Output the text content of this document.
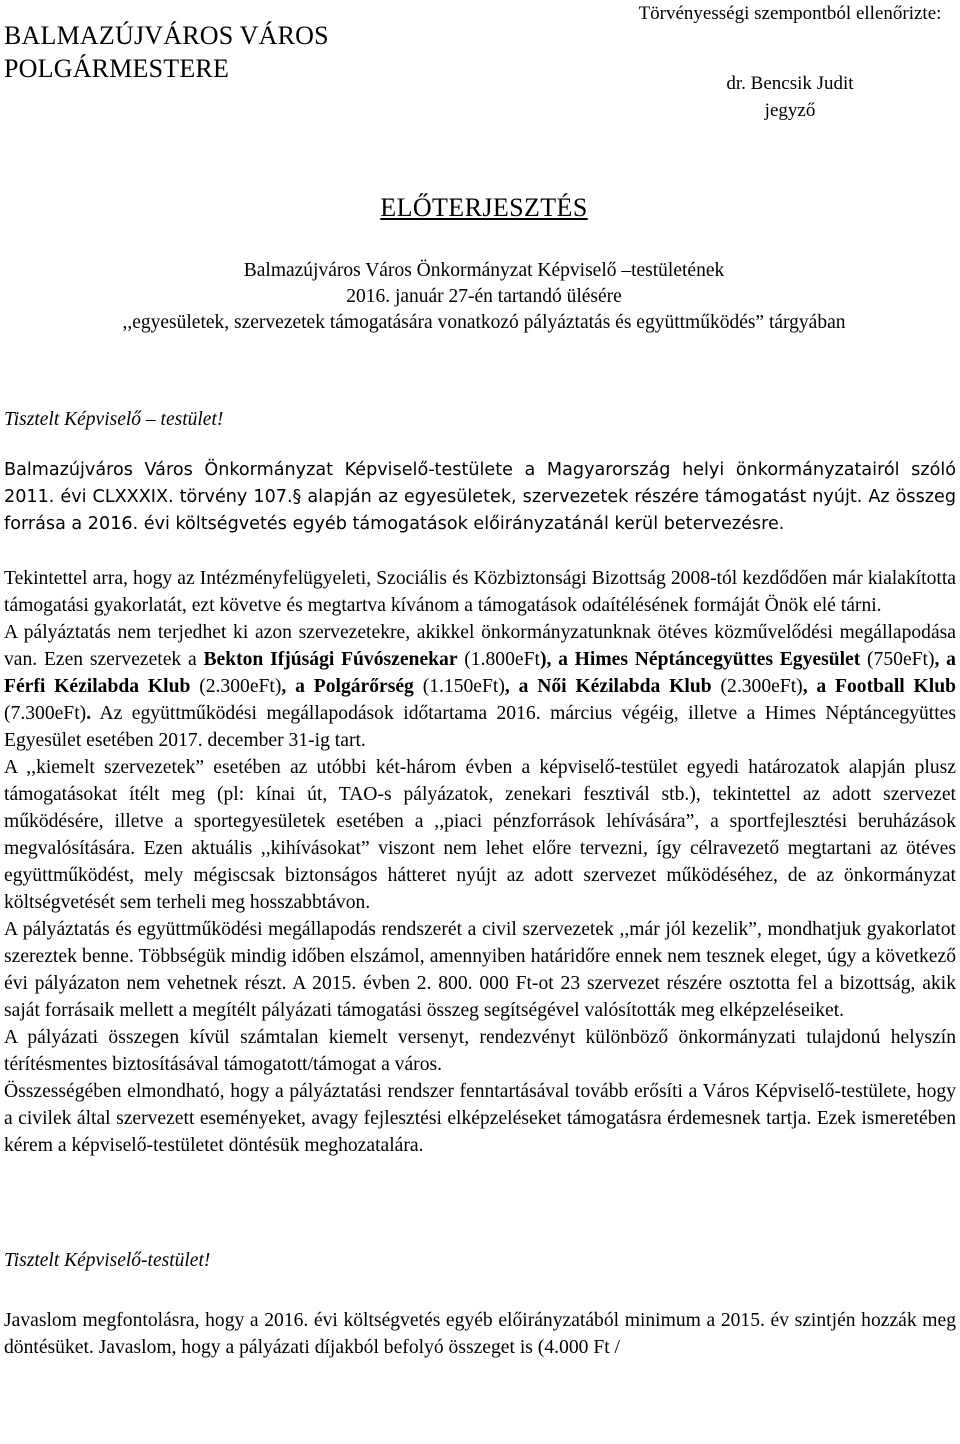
BALMAZÚJVÁROS VÁROS
POLGÁRMESTERE
Törvényességi szempontból ellenőrizte:
dr. Bencsik Judit
jegyző
ELŐTERJESZTÉS
Balmazújváros Város Önkormányzat Képviselő –testületének
2016. január 27-én tartandó ülésére
,,egyesületek, szervezetek támogatására vonatkozó pályáztatás és együttműködés” tárgyában
Tisztelt Képviselő – testület!

Balmazújváros Város Önkormányzat Képviselő-testülete a Magyarország helyi önkormányzatairól szóló 2011. évi CLXXXIX. törvény 107.§ alapján az egyesületek, szervezetek részére támogatást nyújt. Az összeg forrása a 2016. évi költségvetés egyéb támogatások előirányzatánál kerül betervezésre.

Tekintettel arra, hogy az Intézményfelügyeleti, Szociális és Közbiztonsági Bizottság 2008-tól kezdődően már kialakította támogatási gyakorlatát, ezt követve és megtartva kívánom a támogatások odaítélésének formáját Önök elé tárni.

A pályáztatás nem terjedhet ki azon szervezetekre, akikkel önkormányzatunknak ötéves közművelődési megállapodása van. Ezen szervezetek a Bekton Ifjúsági Fúvószenekar (1.800eFt), a Himes Néptáncegyüttes Egyesület (750eFt), a Férfi Kézilabda Klub (2.300eFt), a Polgárőrség (1.150eFt), a Női Kézilabda Klub (2.300eFt), a Football Klub (7.300eFt). Az együttműködési megállapodások időtartama 2016. március végéig, illetve a Himes Néptáncegyüttes Egyesület esetében 2017. december 31-ig tart.

A ,,kiemelt szervezetek” esetében az utóbbi két-három évben a képviselő-testület egyedi határozatok alapján plusz támogatásokat ítélt meg (pl: kínai út, TAO-s pályázatok, zenekari fesztivál stb.), tekintettel az adott szervezet működésére, illetve a sportegyesületek esetében a ,,piaci pénzforrások lehívására”, a sportfejlesztési beruházások megvalósítására. Ezen aktuális ,,kihívásokat” viszont nem lehet előre tervezni, így célravezető megtartani az ötéves együttműködést, mely mégiscsak biztonságos hátteret nyújt az adott szervezet működéséhez, de az önkormányzat költségvetését sem terheli meg hosszabbtávon.

A pályáztatás és együttműködési megállapodás rendszerét a civil szervezetek ,,már jól kezelik”, mondhatjuk gyakorlatot szereztek benne. Többségük mindig időben elszámol, amennyiben határidőre ennek nem tesznek eleget, úgy a következő évi pályázaton nem vehetnek részt. A 2015. évben 2. 800. 000 Ft-ot 23 szervezet részére osztotta fel a bizottság, akik saját forrásaik mellett a megítélt pályázati támogatási összeg segítségével valósították meg elképzeléseiket.

A pályázati összegen kívül számtalan kiemelt versenyt, rendezvényt különböző önkormányzati tulajdonú helyszín térítésmentes biztosításával támogatott/támogat a város.

Összességében elmondható, hogy a pályáztatási rendszer fenntartásával tovább erősíti a Város Képviselő-testülete, hogy a civilek által szervezett eseményeket, avagy fejlesztési elképzeléseket támogatásra érdemesnek tartja. Ezek ismeretében kérem a képviselő-testületet döntésük meghozatalára.

Tisztelt Képviselő-testület!

Javaslom megfontolásra, hogy a 2016. évi költségvetés egyéb előirányzatából minimum a 2015. év szintjén hozzák meg döntésüket. Javaslom, hogy a pályázati díjakból befolyó összeget is (4.000 Ft /
